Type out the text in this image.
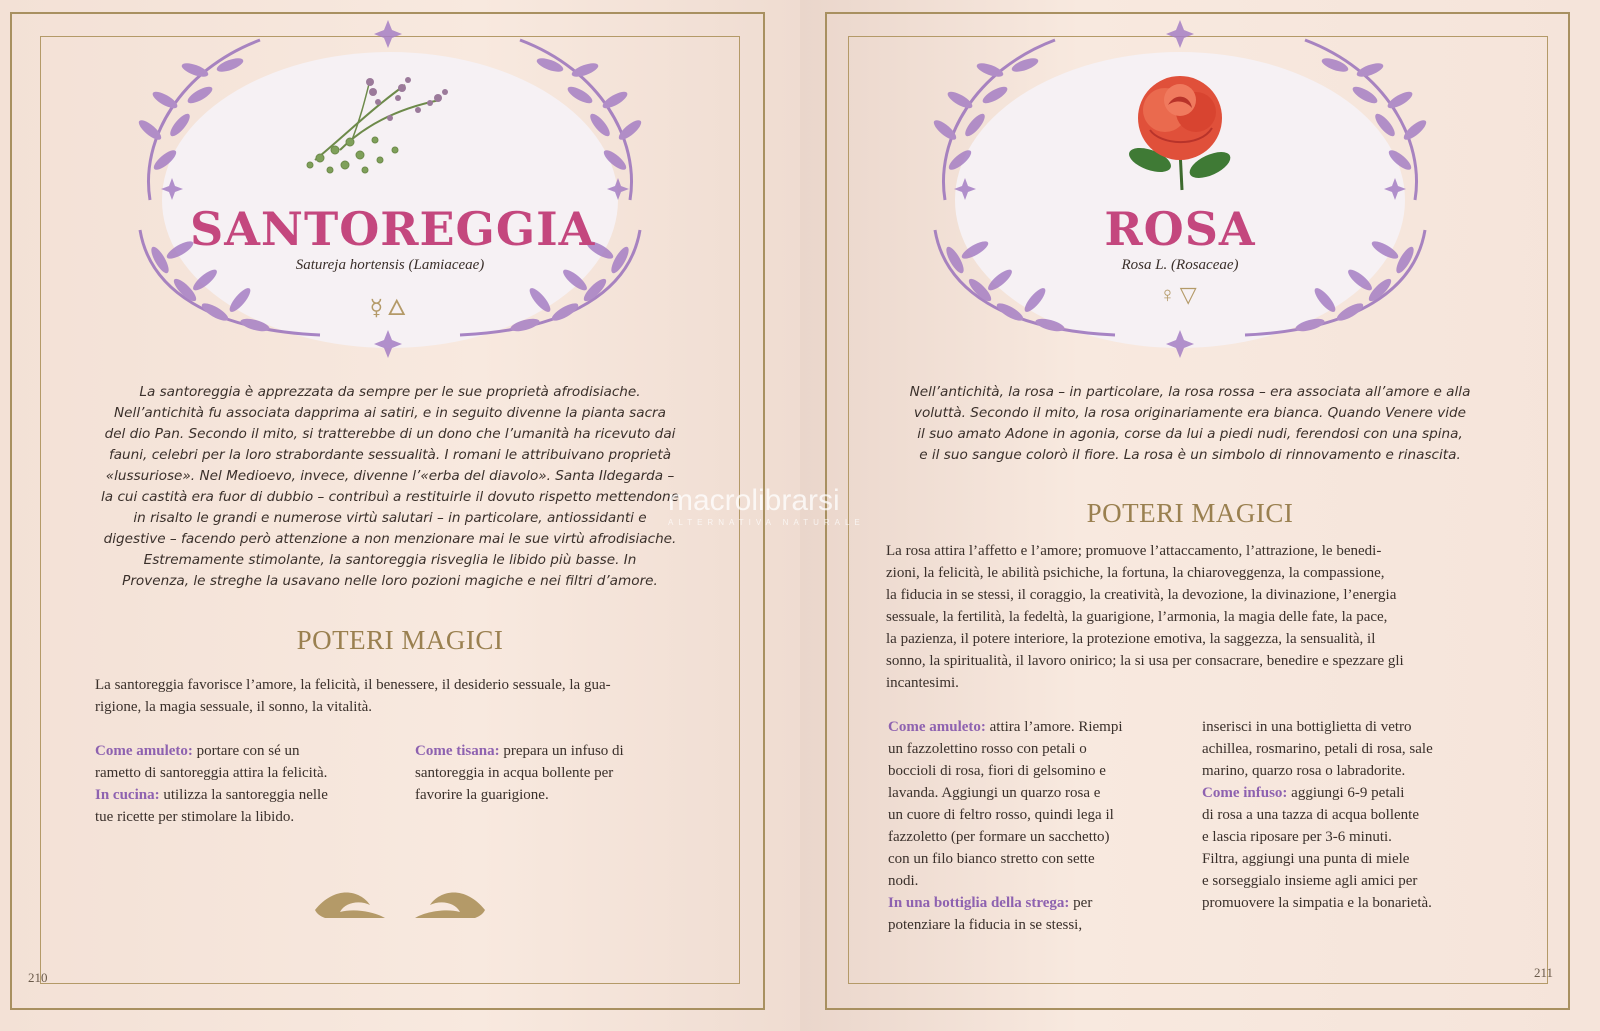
SANTOREGGIA
Satureja hortensis (Lamiaceae)
☿🜂
La santoreggia è apprezzata da sempre per le sue proprietà afrodisiache.
Nell’antichità fu associata dapprima ai satiri, e in seguito divenne la pianta sacra
del dio Pan. Secondo il mito, si tratterebbe di un dono che l’umanità ha ricevuto dai
fauni, celebri per la loro strabordante sessualità. I romani le attribuivano proprietà
«lussuriose». Nel Medioevo, invece, divenne l’«erba del diavolo». Santa Ildegarda –
la cui castità era fuor di dubbio – contribuì a restituirle il dovuto rispetto mettendone
in risalto le grandi e numerose virtù salutari – in particolare, antiossidanti e
digestive – facendo però attenzione a non menzionare mai le sue virtù afrodisiache.
Estremamente stimolante, la santoreggia risveglia le libido più basse. In
Provenza, le streghe la usavano nelle loro pozioni magiche e nei filtri d’amore.
POTERI MAGICI
La santoreggia favorisce l’amore, la felicità, il benessere, il desiderio sessuale, la gua-
rigione, la magia sessuale, il sonno, la vitalità.
Come amuleto: portare con sé un
rametto di santoreggia attira la felicità.
In cucina: utilizza la santoreggia nelle
tue ricette per stimolare la libido.
Come tisana: prepara un infuso di
santoreggia in acqua bollente per
favorire la guarigione.
210
ROSA
Rosa L. (Rosaceae)
♀▽
Nell’antichità, la rosa – in particolare, la rosa rossa – era associata all’amore e alla
voluttà. Secondo il mito, la rosa originariamente era bianca. Quando Venere vide
il suo amato Adone in agonia, corse da lui a piedi nudi, ferendosi con una spina,
e il suo sangue colorò il fiore. La rosa è un simbolo di rinnovamento e rinascita.
POTERI MAGICI
La rosa attira l’affetto e l’amore; promuove l’attaccamento, l’attrazione, le benedi-
zioni, la felicità, le abilità psichiche, la fortuna, la chiaroveggenza, la compassione,
la fiducia in se stessi, il coraggio, la creatività, la devozione, la divinazione, l’energia
sessuale, la fertilità, la fedeltà, la guarigione, l’armonia, la magia delle fate, la pace,
la pazienza, il potere interiore, la protezione emotiva, la saggezza, la sensualità, il
sonno, la spiritualità, il lavoro onirico; la si usa per consacrare, benedire e spezzare gli
incantesimi.
Come amuleto: attira l’amore. Riempi
un fazzolettino rosso con petali o
boccioli di rosa, fiori di gelsomino e
lavanda. Aggiungi un quarzo rosa e
un cuore di feltro rosso, quindi lega il
fazzoletto (per formare un sacchetto)
con un filo bianco stretto con sette
nodi.
In una bottiglia della strega: per
potenziare la fiducia in se stessi,
inserisci in una bottiglietta di vetro
achillea, rosmarino, petali di rosa, sale
marino, quarzo rosa o labradorite.
Come infuso: aggiungi 6-9 petali
di rosa a una tazza di acqua bollente
e lascia riposare per 3-6 minuti.
Filtra, aggiungi una punta di miele
e sorseggialo insieme agli amici per
promuovere la simpatia e la bonarietà.
211
macrolibrarsi
ALTERNATIVA NATURALE
